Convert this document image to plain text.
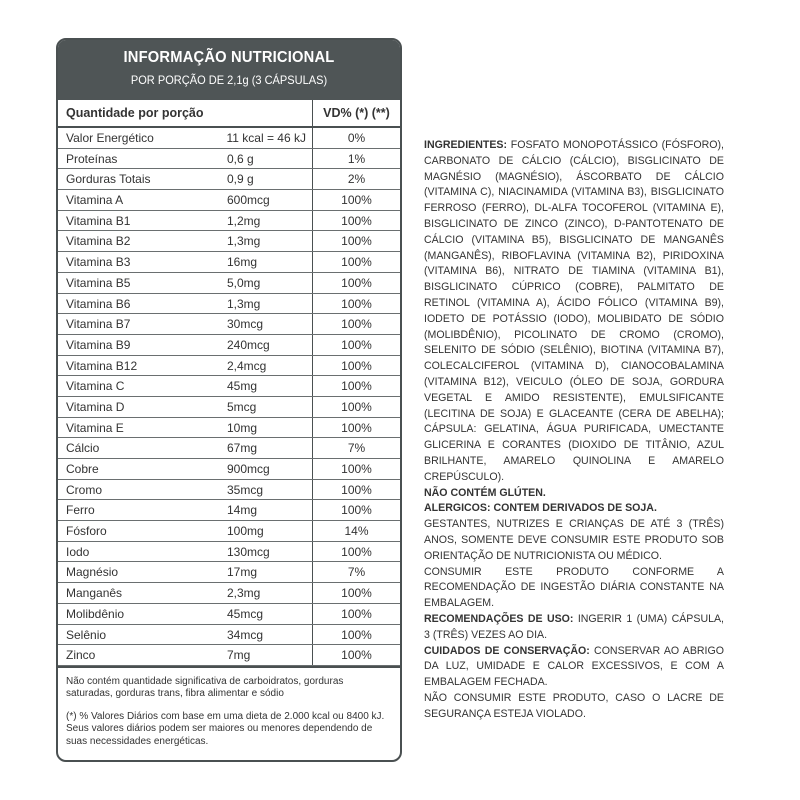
INFORMAÇÃO NUTRICIONAL
POR PORÇÃO DE 2,1g (3 CÁPSULAS)
Quantidade por porção	VD% (*) (**)
Valor Energético	11 kcal = 46 kJ	0%
Proteínas	0,6 g	1%
Gorduras Totais	0,9 g	2%
Vitamina A	600mcg	100%
Vitamina B1	1,2mg	100%
Vitamina B2	1,3mg	100%
Vitamina B3	16mg	100%
Vitamina B5	5,0mg	100%
Vitamina B6	1,3mg	100%
Vitamina B7	30mcg	100%
Vitamina B9	240mcg	100%
Vitamina B12	2,4mcg	100%
Vitamina C	45mg	100%
Vitamina D	5mcg	100%
Vitamina E	10mg	100%
Cálcio	67mg	7%
Cobre	900mcg	100%
Cromo	35mcg	100%
Ferro	14mg	100%
Fósforo	100mg	14%
Iodo	130mcg	100%
Magnésio	17mg	7%
Manganês	2,3mg	100%
Molibdênio	45mcg	100%
Selênio	34mcg	100%
Zinco	7mg	100%

Não contém quantidade significativa de carboidratos, gorduras saturadas, gorduras trans, fibra alimentar e sódio

(*) % Valores Diários com base em uma dieta de 2.000 kcal ou 8400 kJ. Seus valores diários podem ser maiores ou menores dependendo de suas necessidades energéticas.

INGREDIENTES: FOSFATO MONOPOTÁSSICO (FÓSFORO), CARBONATO DE CÁLCIO (CÁLCIO), BISGLICINATO DE MAGNÉSIO (MAGNÉSIO), ÁSCORBATO DE CÁLCIO (VITAMINA C), NIACINAMIDA (VITAMINA B3), BISGLICINATO FERROSO (FERRO), DL-ALFA TOCOFEROL (VITAMINA E), BISGLICINATO DE ZINCO (ZINCO), D-PANTOTENATO DE CÁLCIO (VITAMINA B5), BISGLICINATO DE MANGANÊS (MANGANÊS), RIBOFLAVINA (VITAMINA B2), PIRIDOXINA (VITAMINA B6), NITRATO DE TIAMINA (VITAMINA B1), BISGLICINATO CÚPRICO (COBRE), PALMITATO DE RETINOL (VITAMINA A), ÁCIDO FÓLICO (VITAMINA B9), IODETO DE POTÁSSIO (IODO), MOLIBIDATO DE SÓDIO (MOLIBDÊNIO), PICOLINATO DE CROMO (CROMO), SELENITO DE SÓDIO (SELÊNIO), BIOTINA (VITAMINA B7), COLECALCIFEROL (VITAMINA D), CIANOCOBALAMINA (VITAMINA B12), VEICULO (ÓLEO DE SOJA, GORDURA VEGETAL E AMIDO RESISTENTE), EMULSIFICANTE (LECITINA DE SOJA) E GLACEANTE (CERA DE ABELHA); CÁPSULA: GELATINA, ÁGUA PURIFICADA, UMECTANTE GLICERINA E CORANTES (DIOXIDO DE TITÂNIO, AZUL BRILHANTE, AMARELO QUINOLINA E AMARELO CREPÚSCULO).

NÃO CONTÉM GLÚTEN.

ALERGICOS: CONTEM DERIVADOS DE SOJA.

GESTANTES, NUTRIZES E CRIANÇAS DE ATÉ 3 (TRÊS) ANOS, SOMENTE DEVE CONSUMIR ESTE PRODUTO SOB ORIENTAÇÃO DE NUTRICIONISTA OU MÉDICO.

CONSUMIR ESTE PRODUTO CONFORME A RECOMENDAÇÃO DE INGESTÃO DIÁRIA CONSTANTE NA EMBALAGEM.

RECOMENDAÇÕES DE USO: INGERIR 1 (UMA) CÁPSULA, 3 (TRÊS) VEZES AO DIA.

CUIDADOS DE CONSERVAÇÃO: CONSERVAR AO ABRIGO DA LUZ, UMIDADE E CALOR EXCESSIVOS, E COM A EMBALAGEM FECHADA.

NÃO CONSUMIR ESTE PRODUTO, CASO O LACRE DE SEGURANÇA ESTEJA VIOLADO.
